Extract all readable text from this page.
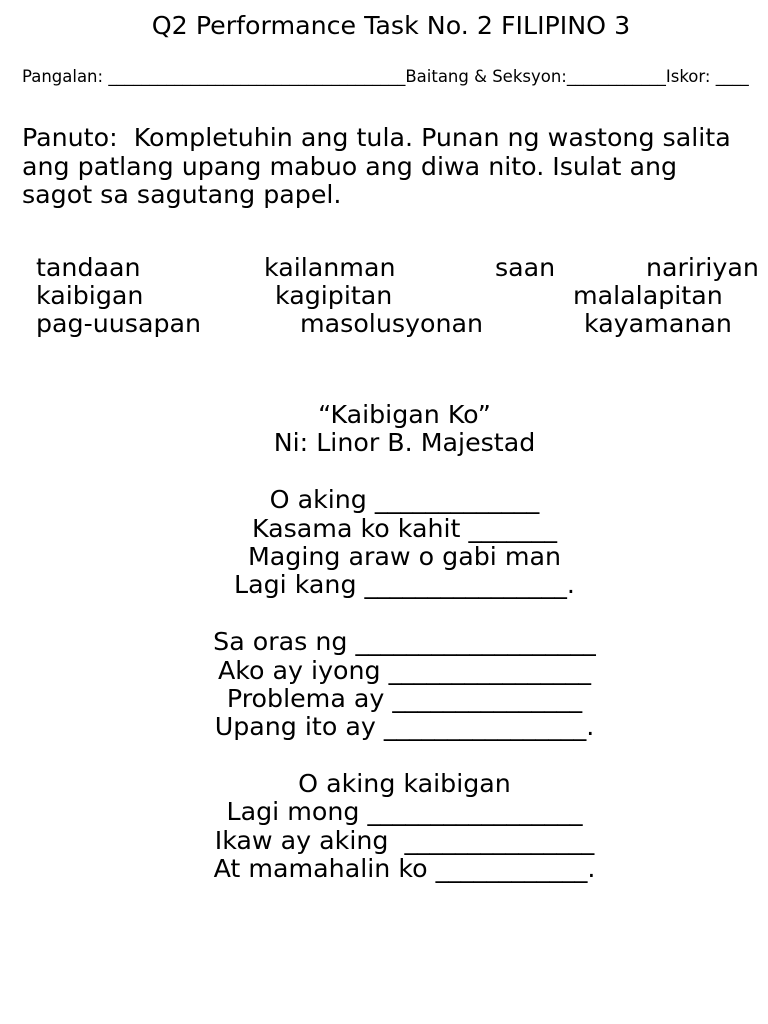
Q2 Performance Task No. 2 FILIPINO 3
Pangalan: ____________________________________ Baitang & Seksyon: ____________ Iskor: ____
Panuto: Kompletuhin ang tula. Punan ng wastong salita
ang patlang upang mabuo ang diwa nito. Isulat ang
sagot sa sagutang papel.
tandaan	kailanman	saan	naririyan
kaibigan	kagipitan	malalapitan
pag-uusapan	masolusyonan	kayamanan
“Kaibigan Ko”
Ni: Linor B. Majestad
O aking _____________
Kasama ko kahit _______
Maging araw o gabi man
Lagi kang ________________.
Sa oras ng ___________________
Ako ay iyong ________________
Problema ay _______________
Upang ito ay ________________.
O aking kaibigan
Lagi mong _________________
Ikaw ay aking  _______________
At mamahalin ko ____________.
